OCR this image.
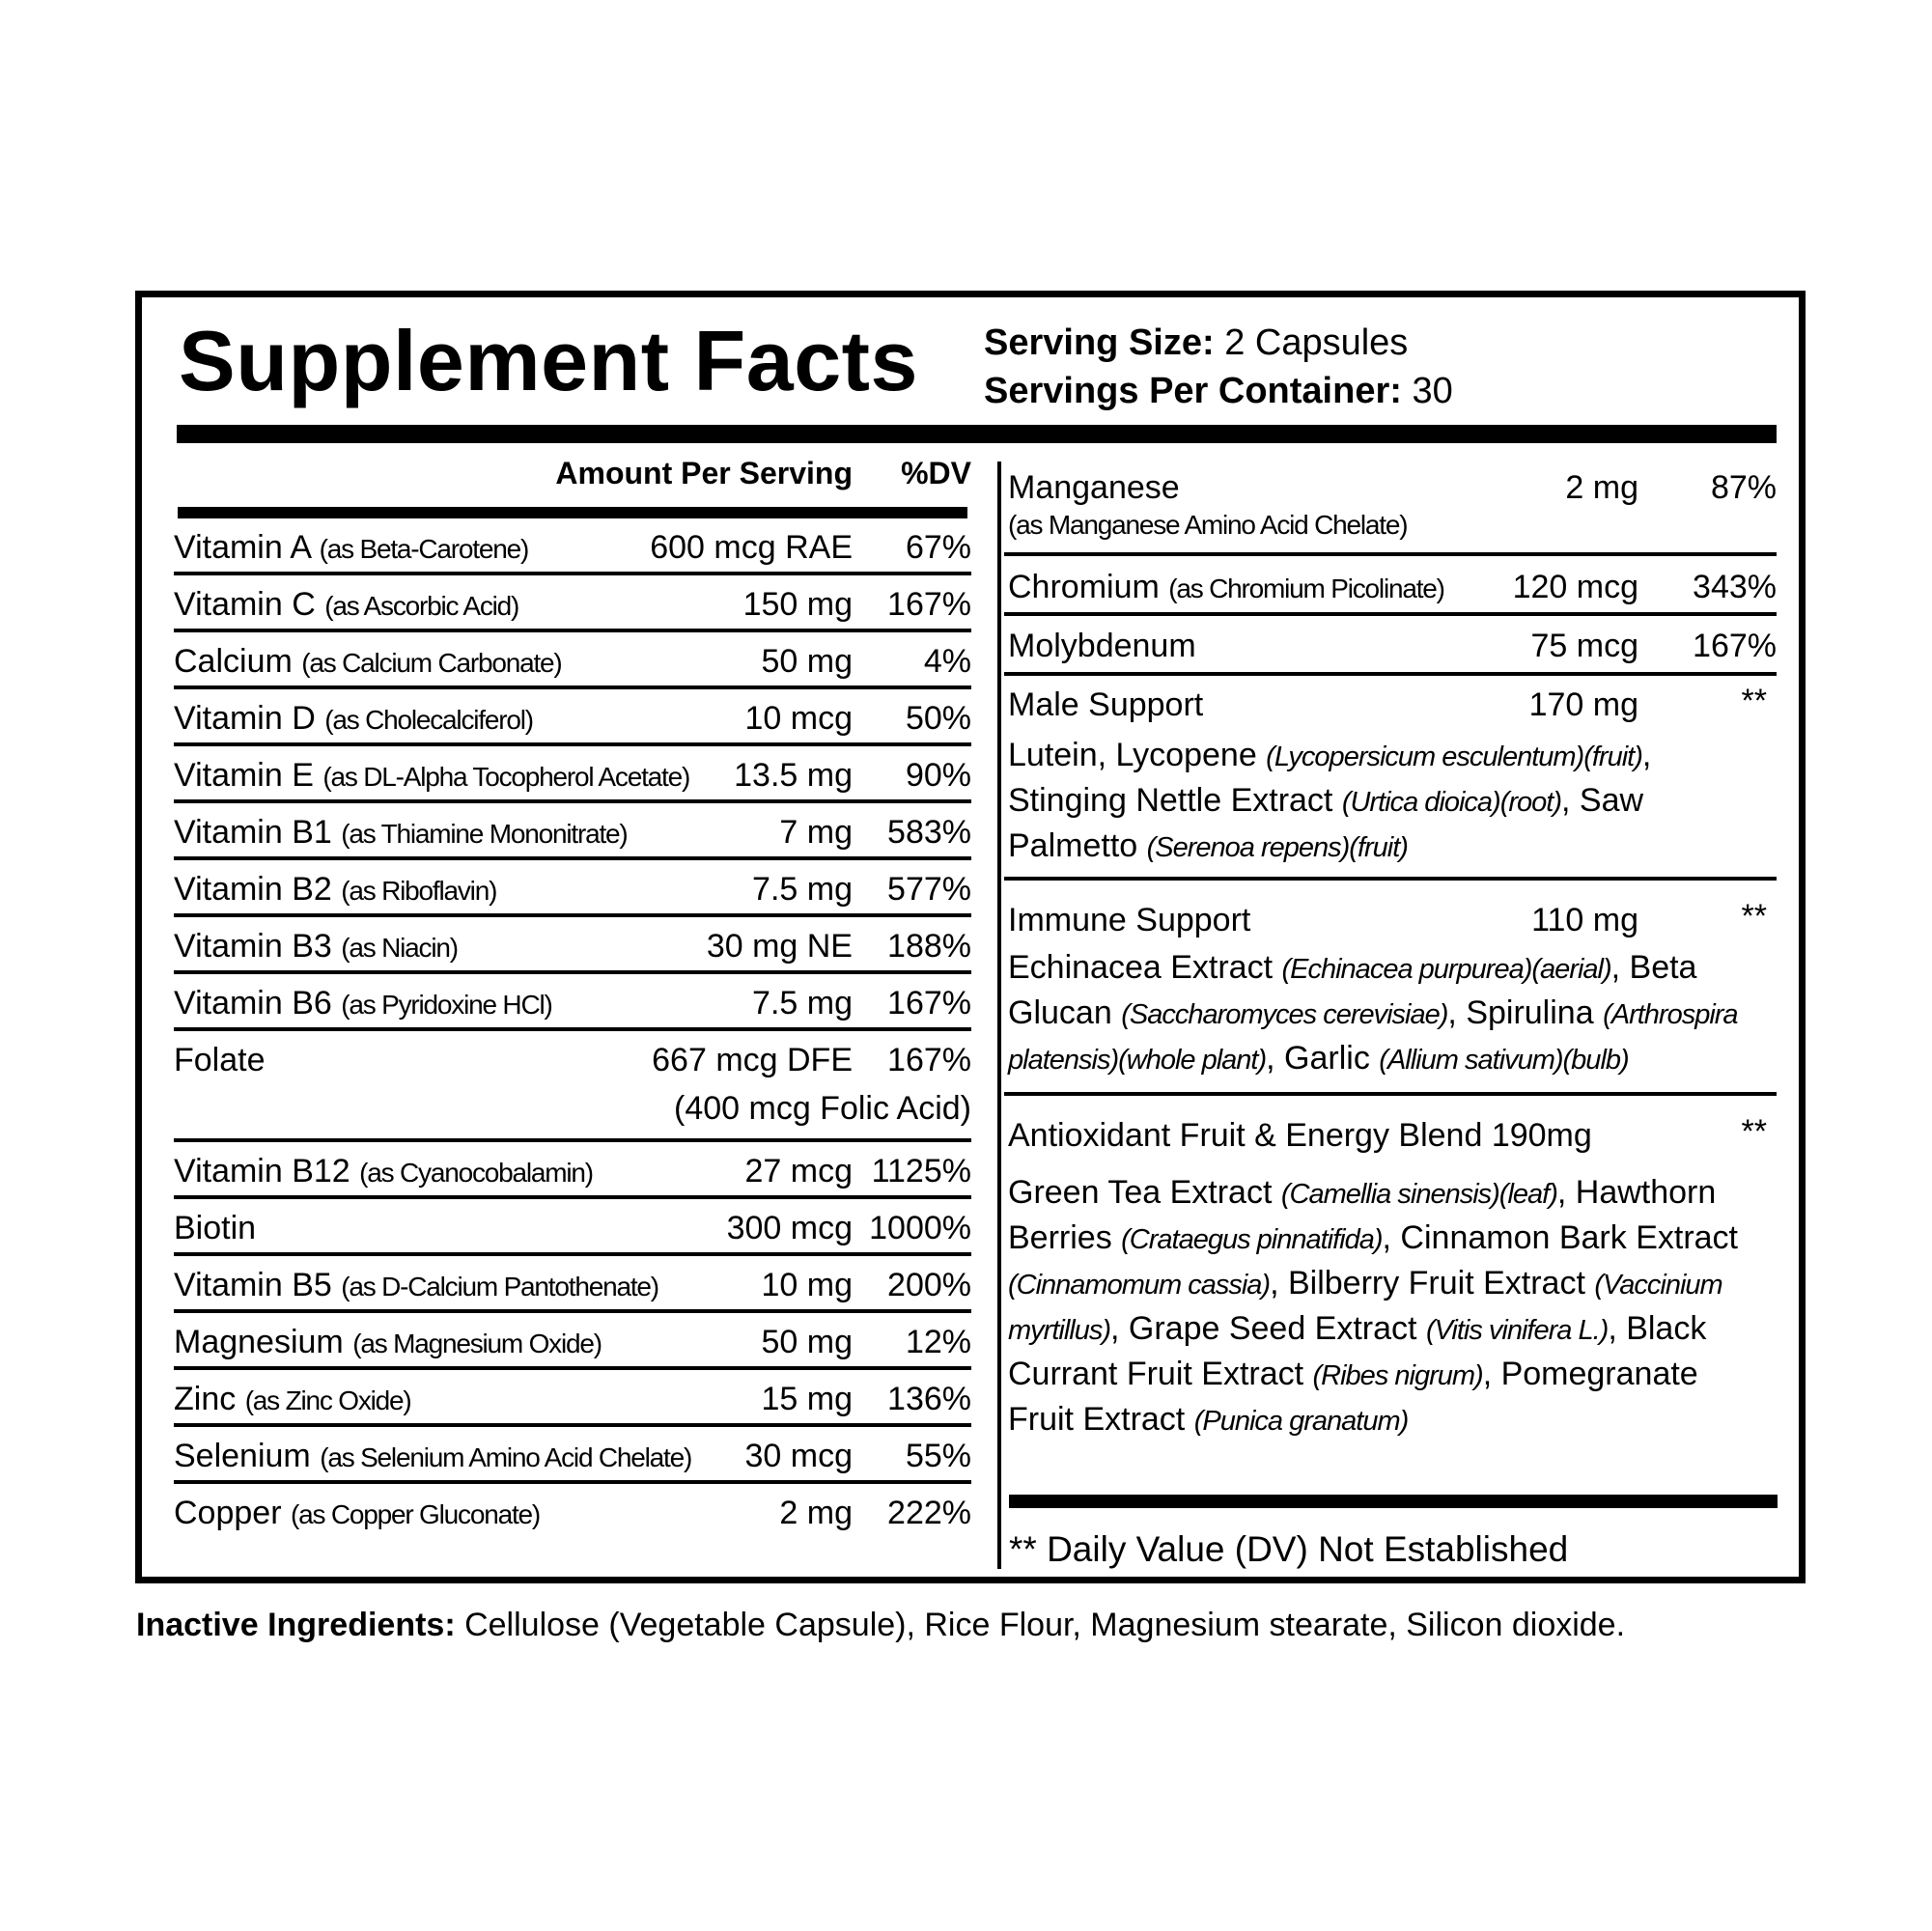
Supplement Facts Serving Size: 2 Capsules
Servings Per Container: 30
Amount Per Serving %DV
Vitamin A (as Beta-Carotene)	600 mcg RAE 67%
Vitamin C (as Ascorbic Acid)	150 mg 167%
Calcium (as Calcium Carbonate)	50 mg 4%
Vitamin D (as Cholecalciferol)	10 mcg 50%
Vitamin E (as DL-Alpha Tocopherol Acetate) 13.5 mg 90%
Vitamin B1 (as Thiamine Mononitrate)	7 mg 583%
Vitamin B2 (as Riboflavin)	7.5 mg 577%
Vitamin B3 (as Niacin)	30 mg NE 188%
Vitamin B6 (as Pyridoxine HCl)	7.5 mg 167%
Folate	667 mcg DFE 167%
(400 mcg Folic Acid)
Vitamin B12 (as Cyanocobalamin)	27 mcg 1125%
Biotin	300 mcg 1000%
Vitamin B5 (as D-Calcium Pantothenate)	10 mg 200%
Magnesium (as Magnesium Oxide)	50 mg 12%
Zinc (as Zinc Oxide)	15 mg 136%
Selenium (as Selenium Amino Acid Chelate) 30 mcg 55%
Copper (as Copper Gluconate)	2 mg 222%
Manganese	2 mg 87%
(as Manganese Amino Acid Chelate)
Chromium (as Chromium Picolinate) 120 mcg 343%
Molybdenum	75 mcg 167%
Male Support	170 mg	**
Lutein, Lycopene (Lycopersicum esculentum)(fruit), Stinging Nettle Extract (Urtica dioica)(root), Saw Palmetto (Serenoa repens)(fruit)
Immune Support	110 mg	**
Echinacea Extract (Echinacea purpurea)(aerial), Beta Glucan (Saccharomyces cerevisiae), Spirulina (Arthrospira platensis)(whole plant), Garlic (Allium sativum)(bulb)
Antioxidant Fruit & Energy Blend 190mg	**
Green Tea Extract (Camellia sinensis)(leaf), Hawthorn Berries (Crataegus pinnatifida), Cinnamon Bark Extract (Cinnamomum cassia), Bilberry Fruit Extract (Vaccinium myrtillus), Grape Seed Extract (Vitis vinifera L.), Black Currant Fruit Extract (Ribes nigrum), Pomegranate Fruit Extract (Punica granatum)
** Daily Value (DV) Not Established
Inactive Ingredients: Cellulose (Vegetable Capsule), Rice Flour, Magnesium stearate, Silicon dioxide.
